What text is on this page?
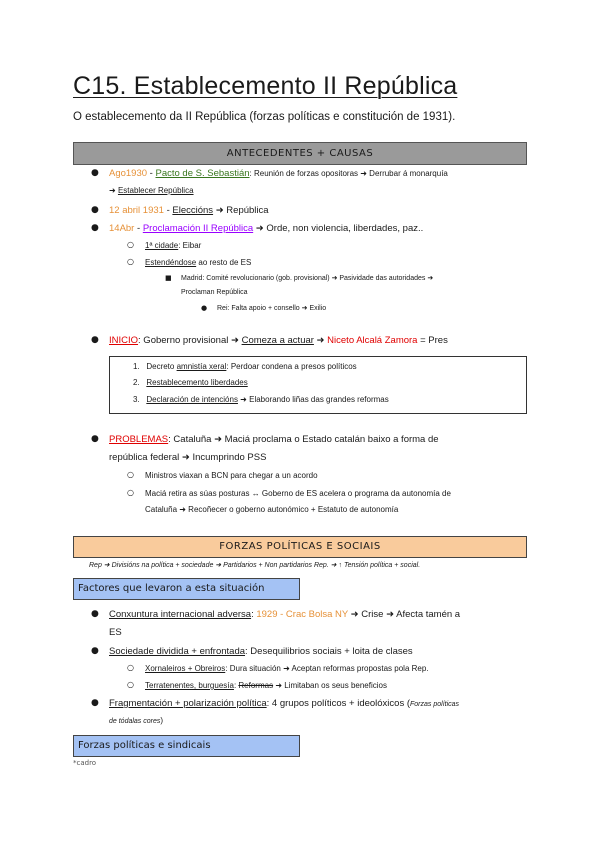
C15. Establecemento II República
O establecemento da II República (forzas políticas e constitución de 1931).
ANTECEDENTES + CAUSAS
● Ago1930 - Pacto de S. Sebastián: Reunión de forzas opositoras ➜ Derrubar á monarquía
➜ Establecer República
● 12 abril 1931 - Eleccións ➜ República
● 14Abr - Proclamación II República ➜ Orde, non violencia, liberdades, paz..
○ 1ª cidade: Eibar
○ Estendéndose ao resto de ES
■ Madrid: Comité revolucionario (gob. provisional) ➜ Pasividade das autoridades ➜
Proclaman República
● Rei: Falta apoio + consello ➜ Exilio
● INICIO: Goberno provisional ➜ Comeza a actuar ➜ Niceto Alcalá Zamora = Pres
1. Decreto amnistía xeral: Perdoar condena a presos políticos
2. Restablecemento liberdades
3. Declaración de intencións ➜ Elaborando liñas das grandes reformas
● PROBLEMAS: Cataluña ➜ Maciá proclama o Estado catalán baixo a forma de
república federal ➜ Incumprindo PSS
○ Ministros viaxan a BCN para chegar a un acordo
○ Maciá retira as súas posturas ↔ Goberno de ES acelera o programa da autonomía de
Cataluña ➜ Recoñecer o goberno autonómico + Estatuto de autonomía
FORZAS POLÍTICAS E SOCIAIS
Rep ➜ Divisións na política + sociedade ➜ Partidarios + Non partidarios Rep. ➜ ↑ Tensión política + social.
Factores que levaron a esta situación
● Conxuntura internacional adversa: 1929 - Crac Bolsa NY ➜ Crise ➜ Afecta tamén a
ES
● Sociedade dividida + enfrontada: Desequilibrios sociais + loita de clases
○ Xornaleiros + Obreiros: Dura situación ➜ Aceptan reformas propostas pola Rep.
○ Terratenentes, burguesía: Reformas ➜ Limitaban os seus beneficios
● Fragmentación + polarización política: 4 grupos políticos + ideolóxicos (Forzas políticas
de tódalas cores)
Forzas políticas e sindicais
*cadro
